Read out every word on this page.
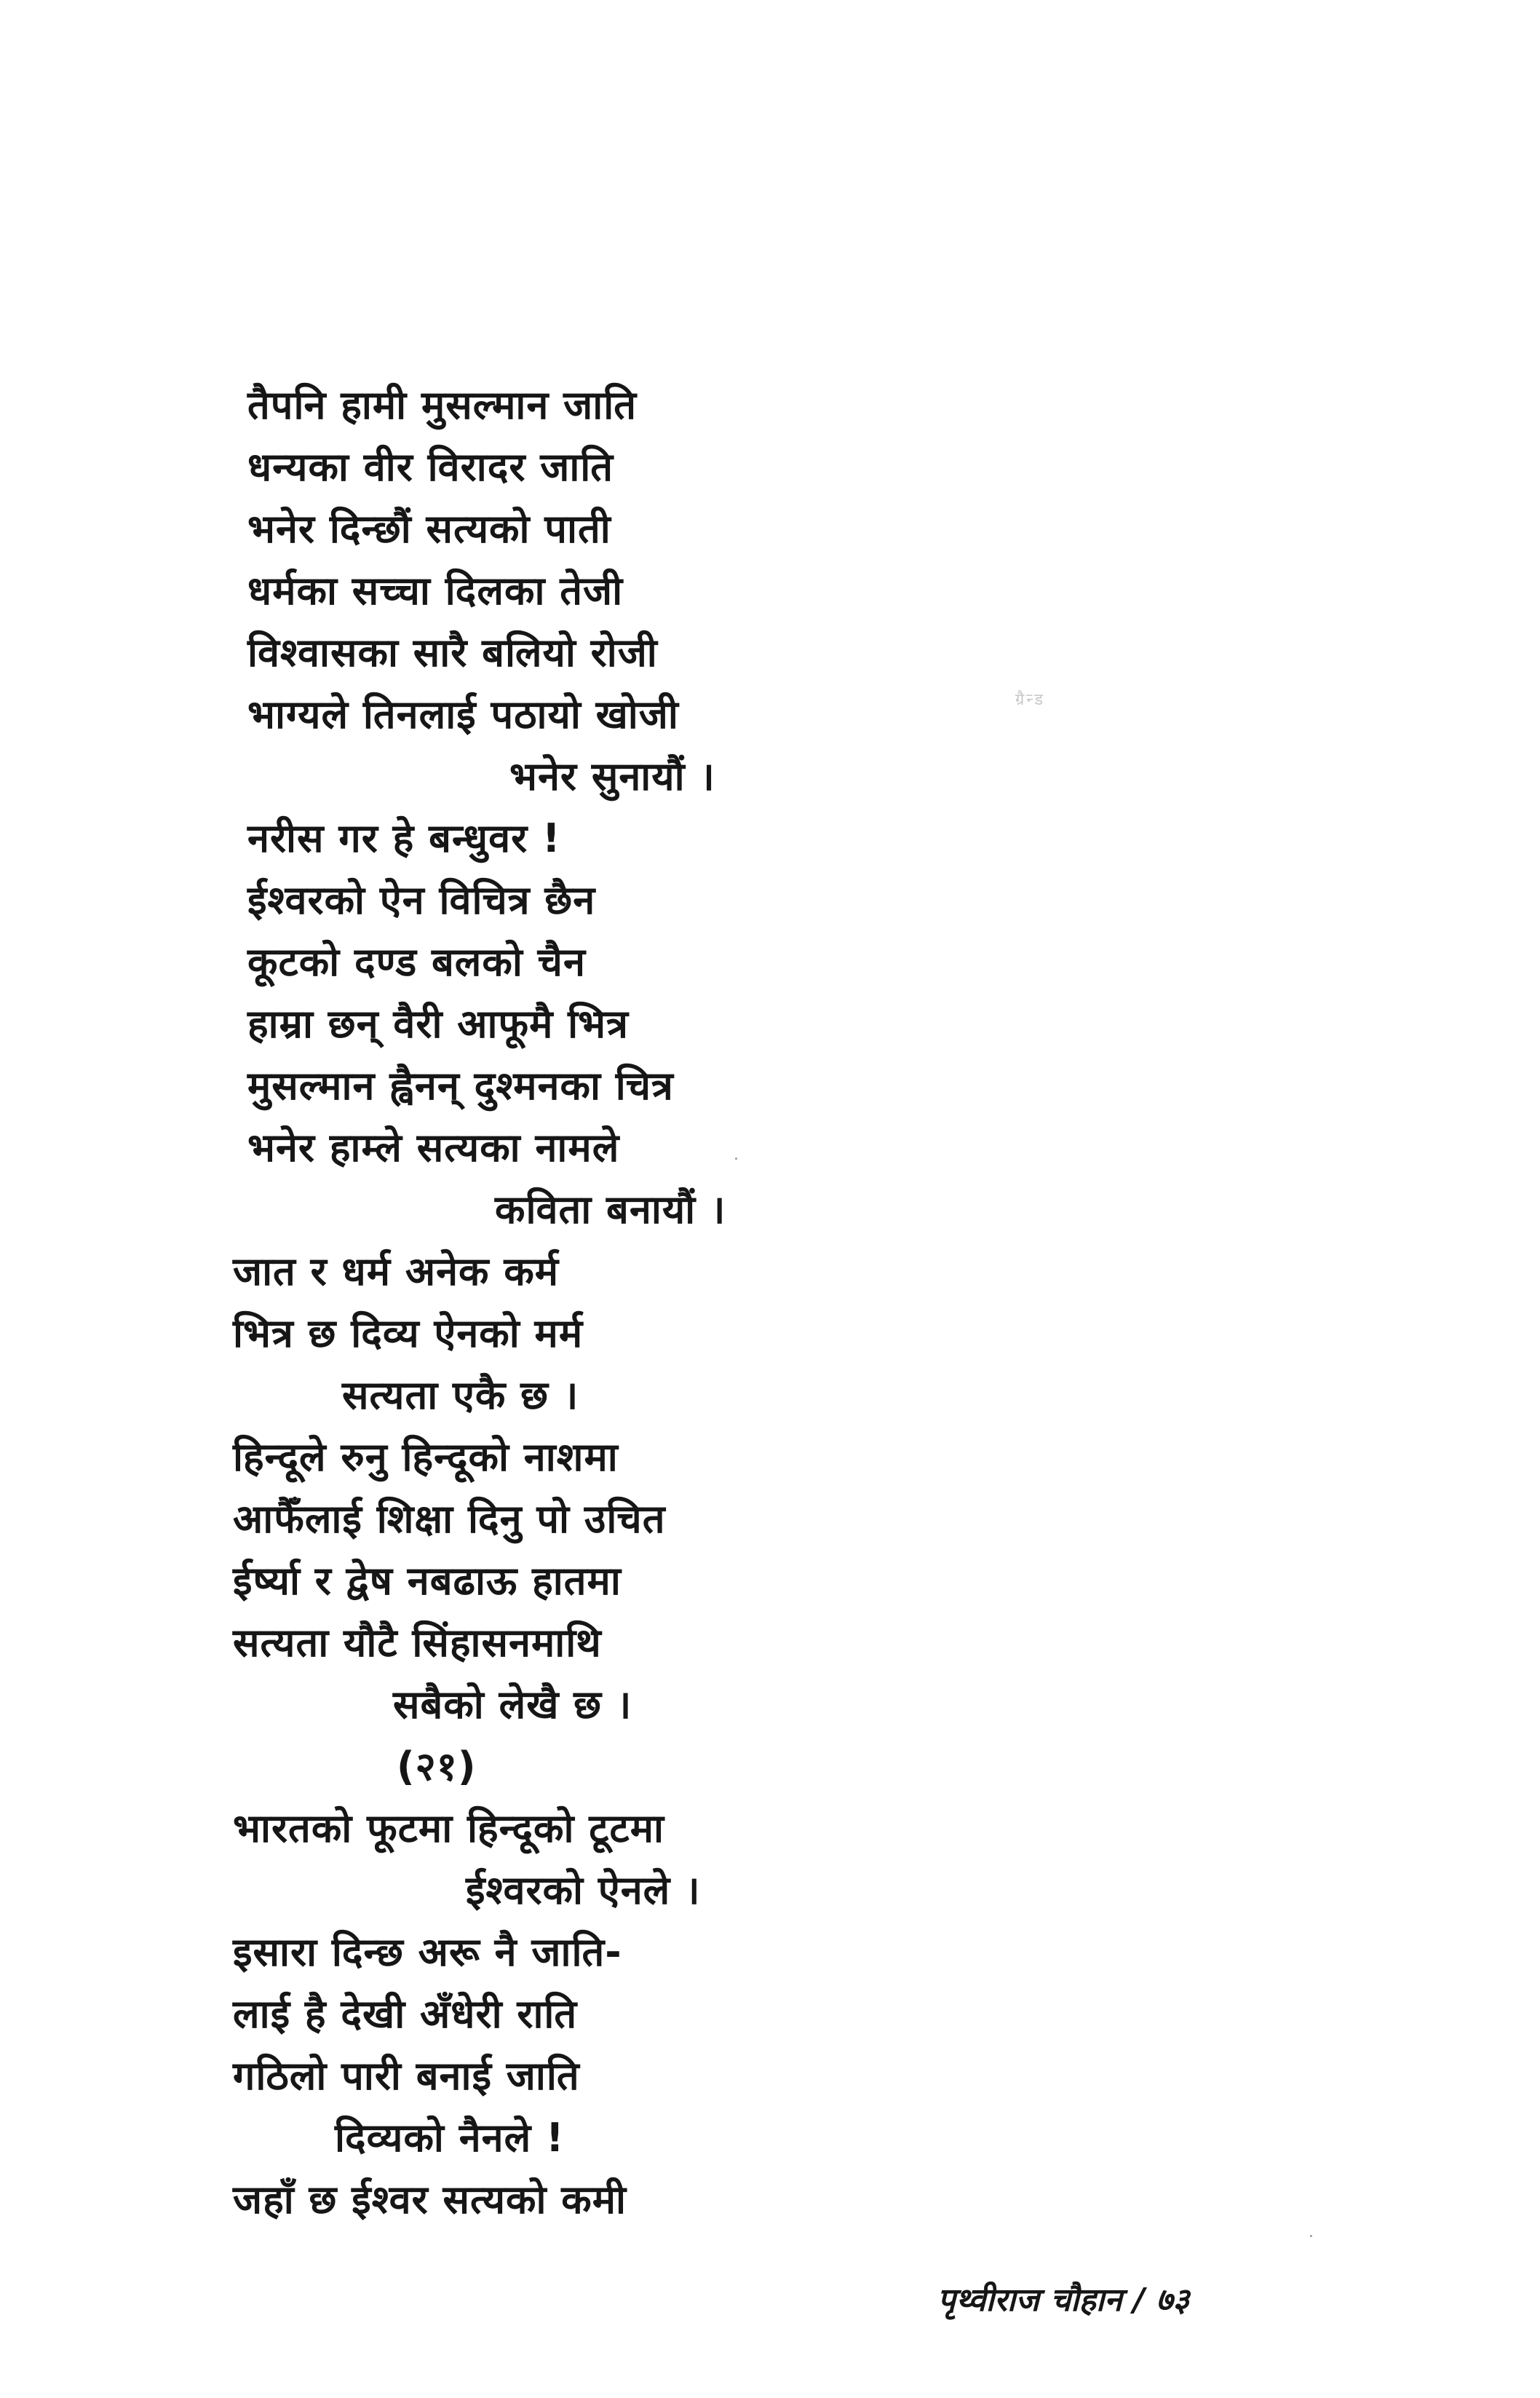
तैपनि हामी मुसल्मान जाति
धन्यका वीर विरादर जाति
भनेर दिन्छौं सत्यको पाती
धर्मका सच्चा दिलका तेजी
विश्वासका सारै बलियो रोजी
भाग्यले तिनलाई पठायो खोजी
भनेर सुनायौं ।
नरीस गर हे बन्धुवर !
ईश्वरको ऐन विचित्र छैन
कूटको दण्ड बलको चैन
हाम्रा छन् वैरी आफूमै भित्र
मुसल्मान ह्वैनन् दुश्मनका चित्र
भनेर हाम्ले सत्यका नामले
कविता बनायौं ।
जात र धर्म अनेक कर्म
भित्र छ दिव्य ऐनको मर्म
सत्यता एकै छ ।
हिन्दूले रुनु हिन्दूको नाशमा
आफैँलाई शिक्षा दिनु पो उचित
ईर्ष्या र द्वेष नबढाऊ हातमा
सत्यता यौटै सिंहासनमाथि
सबैको लेखै छ ।
(२१)
भारतको फूटमा हिन्दूको टूटमा
ईश्वरको ऐनले ।
इसारा दिन्छ अरू नै जाति-
लाई है देखी अँधेरी राति
गठिलो पारी बनाई जाति
दिव्यको नैनले !
जहाँ छ ईश्वर सत्यको कमी
ग्रैन्ड
पृथ्वीराज चौहान / ७३
